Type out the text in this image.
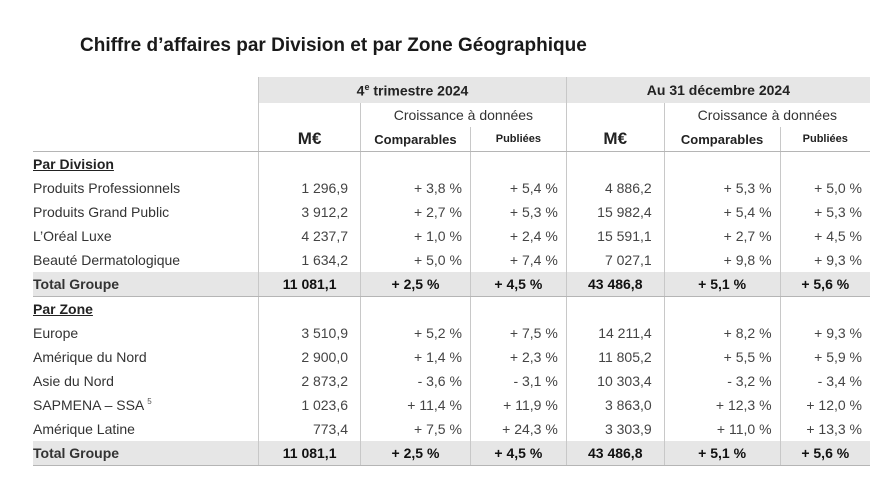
Chiffre d’affaires par Division et par Zone Géographique
	4e trimestre 2024			Au 31 décembre 2024		
		Croissance à données			Croissance à données	
	M€	Comparables	Publiées	M€	Comparables	Publiées
Par Division						
Produits Professionnels	1 296,9	+ 3,8 %	+ 5,4 %	4 886,2	+ 5,3 %	+ 5,0 %
Produits Grand Public	3 912,2	+ 2,7 %	+ 5,3 %	15 982,4	+ 5,4 %	+ 5,3 %
L’Oréal Luxe	4 237,7	+ 1,0 %	+ 2,4 %	15 591,1	+ 2,7 %	+ 4,5 %
Beauté Dermatologique	1 634,2	+ 5,0 %	+ 7,4 %	7 027,1	+ 9,8 %	+ 9,3 %
Total Groupe	11 081,1	+ 2,5 %	+ 4,5 %	43 486,8	+ 5,1 %	+ 5,6 %
Par Zone						
Europe	3 510,9	+ 5,2 %	+ 7,5 %	14 211,4	+ 8,2 %	+ 9,3 %
Amérique du Nord	2 900,0	+ 1,4 %	+ 2,3 %	11 805,2	+ 5,5 %	+ 5,9 %
Asie du Nord	2 873,2	- 3,6 %	- 3,1 %	10 303,4	- 3,2 %	- 3,4 %
SAPMENA – SSA $^5$	1 023,6	+ 11,4 %	+ 11,9 %	3 863,0	+ 12,3 %	+ 12,0 %
Amérique Latine	773,4	+ 7,5 %	+ 24,3 %	3 303,9	+ 11,0 %	+ 13,3 %
Total Groupe	11 081,1	+ 2,5 %	+ 4,5 %	43 486,8	+ 5,1 %	+ 5,6 %
